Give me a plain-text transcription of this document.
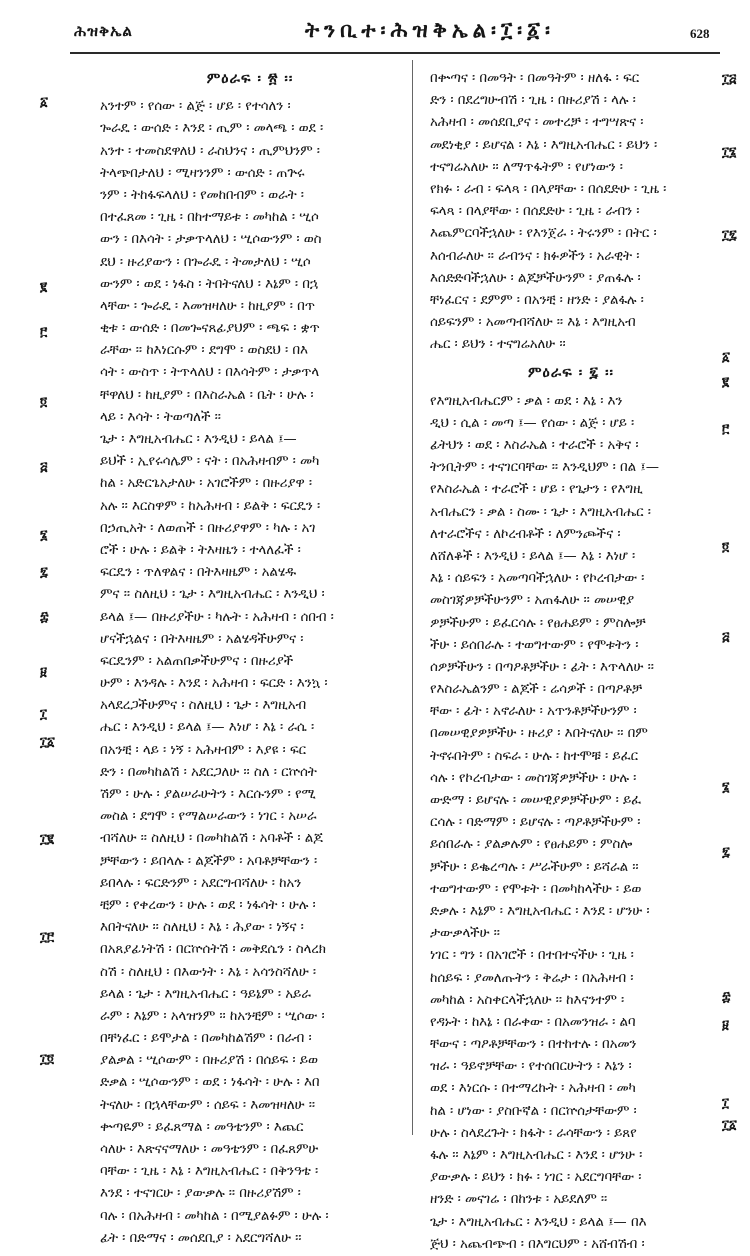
ሕዝቅኤል	ትንቢተ፡ሕዝቅኤል፡፲፡፩፡	628
ምዕራፍ ፡ ፳ ፡፡
አንተም ፡ የሰው ፡ ልጅ ፡ ሆይ ፡ የተሳለን ፡
ጐራዴ ፡ ውሰድ ፡ እንደ ፡ ጢም ፡ መላጫ ፡ ወደ ፡
አንተ ፡ ተመስደዋለህ ፡ ራስህንና ፡ ጢምህንም ፡
ትላጭበታለህ ፡ ሚዛንንም ፡ ውሰድ ፡ ጠጕሩ
ንም ፡ ትከፋፍላለህ ፡ የመከበብም ፡ ወራት ፡
በተፈጸመ ፡ ጊዜ ፡ በከተማይቱ ፡ መካከል ፡ ሢሶ
ውን ፡ በእሳት ፡ ታቃጥላለህ ፡ ሢሶውንም ፡ ወስ
ደህ ፡ ዙሪያውን ፡ በጐራዴ ፡ ትመታለህ ፡ ሢሶ
ውንም ፡ ወደ ፡ ነፋስ ፡ ትበትናለህ ፡ እኔም ፡ በኋ
ላቸው ፡ ጐራዴ ፡ እመዝዛለሁ ፡ ከዚያም ፡ በጥ
ቂቱ ፡ ውሰድ ፡ በመጐናጸፊያህም ፡ ጫፍ ፡ ቋጥ
ራቸው ፡፡ ከእነርሱም ፡ ደግሞ ፡ ወስደህ ፡ በእ
ሳት ፡ ውስጥ ፡ ትጥላለህ ፡ በእሳትም ፡ ታቃጥላ
ቸዋለህ ፡ ከዚያም ፡ በእስራኤል ፡ ቤት ፡ ሁሉ ፡
ላይ ፡ እሳት ፡ ትወጣለች ፡፡
ጌታ ፡ እግዚአብሔር ፡ እንዲህ ፡ ይላል ፤—
ይህች ፡ ኢየሩሳሌም ፡ ናት ፡ በአሕዛብም ፡ መካ
ከል ፡ አድርጌአታለሁ ፡ አገሮችም ፡ በዙሪያዋ ፡
አሉ ፡፡ እርስዋም ፡ ከአሕዛብ ፡ ይልቅ ፡ ፍርዴን ፡
በኃጢአት ፡ ለወጠች ፡ በዙሪያዋም ፡ ካሉ ፡ አገ
ሮች ፡ ሁሉ ፡ ይልቅ ፡ ትእዛዜን ፡ ተላለፈች ፡
ፍርዴን ፡ ጥለዋልና ፡ በትእዛዜም ፡ አልሄዱ
ምና ፡፡ ስለዚህ ፡ ጌታ ፡ እግዚአብሔር ፡ እንዲህ ፡
ይላል ፤— በዙሪያችሁ ፡ ካሉት ፡ አሕዛብ ፡ ሰበብ ፡
ሆናችኋልና ፡ በትእዛዜም ፡ አልሄዳችሁምና ፡
ፍርዴንም ፡ አልጠበቃችሁምና ፡ በዙሪያች
ሁም ፡ እንዳሉ ፡ እንደ ፡ አሕዛብ ፡ ፍርድ ፡ እንኳ ፡
አላደረጋችሁምና ፡ ስለዚህ ፡ ጌታ ፡ እግዚአብ
ሔር ፡ እንዲህ ፡ ይላል ፤— እነሆ ፡ እኔ ፡ ራሴ ፡
በአንቺ ፡ ላይ ፡ ነኝ ፡ አሕዛብም ፡ እያዩ ፡ ፍር
ድን ፡ በመካከልሽ ፡ አደርጋለሁ ፡፡ ስለ ፡ ርኵሰት
ሽም ፡ ሁሉ ፡ ያልሠራሁትን ፡ እርሱንም ፡ የሚ
መስል ፡ ደግሞ ፡ የማልሠራውን ፡ ነገር ፡ አሠራ
ብሻለሁ ፡፡ ስለዚህ ፡ በመካከልሽ ፡ አባቶች ፡ ልጆ
ቻቸውን ፡ ይበላሉ ፡ ልጆችም ፡ አባቶቻቸውን ፡
ይበላሉ ፡ ፍርድንም ፡ አደርግብሻለሁ ፡ ከአን
ቺም ፡ የቀረውን ፡ ሁሉ ፡ ወደ ፡ ነፋሳት ፡ ሁሉ ፡
እበትናለሁ ፡፡ ስለዚህ ፡ እኔ ፡ ሕያው ፡ ነኝና ፡
በአጸያፊነትሽ ፡ በርኵሰትሽ ፡ መቅደሴን ፡ ስላረክ
ስሽ ፡ ስለዚህ ፡ በእውነት ፡ እኔ ፡ አሳንስሻለሁ ፡
ይላል ፡ ጌታ ፡ እግዚአብሔር ፡ ዓይኔም ፡ አይራ
ራም ፡ እኔም ፡ አላዝንም ፡፡ ከአንቺም ፡ ሢሶው ፡
በቸነፈር ፡ ይሞታል ፡ በመካከልሽም ፡ በራብ ፡
ያልቃል ፡ ሢሶውም ፡ በዙሪያሽ ፡ በሰይፍ ፡ ይወ
ድቃል ፡ ሢሶውንም ፡ ወደ ፡ ነፋሳት ፡ ሁሉ ፡ እበ
ትናለሁ ፡ በኋላቸውም ፡ ሰይፍ ፡ እመዝዛለሁ ፡፡
ቍጣዬም ፡ ይፈጸማል ፡ መዓቴንም ፡ እጨር
ሳለሁ ፡ እጽናናማለሁ ፡ መዓቴንም ፡ በፈጸምሁ
ባቸው ፡ ጊዜ ፡ እኔ ፡ እግዚአብሔር ፡ በቅንዓቴ ፡
እንደ ፡ ተናገርሁ ፡ ያውቃሉ ፡፡ በዙሪያሽም ፡
ባሉ ፡ በአሕዛብ ፡ መካከል ፡ በሚያልፉም ፡ ሁሉ ፡
ፊት ፡ በድማና ፡ መሰደቢያ ፡ አደርግሻለሁ ፡፡
በቍጣና ፡ በመዓት ፡ በመዓትም ፡ ዘለፋ ፡ ፍር
ድን ፡ በደረግሁብሽ ፡ ጊዜ ፡ በዙሪያሽ ፡ ላሉ ፡
አሕዛብ ፡ መሰደቢያና ፡ መተረቻ ፡ ተግሣጽና ፡
መደነቂያ ፡ ይሆናል ፡ እኔ ፡ እግዚአብሔር ፡ ይህን ፡
ተናግሬአለሁ ፡፡ ለማጥፋትም ፡ የሆነውን ፡
የክፉ ፡ ራብ ፡ ፍላጻ ፡ በላያቸው ፡ በሰደድሁ ፡ ጊዜ ፡
ፍላጻ ፡ በላያቸው ፡ በሰደድሁ ፡ ጊዜ ፡ ራብን ፡
እጨምርባችኋለሁ ፡ የእንጀራ ፡ ትሩንም ፡ በትር ፡
እሰብራለሁ ፡፡ ራብንና ፡ ክፉዎችን ፡ አራዊት ፡
እሰድድባችኋለሁ ፡ ልጆቻችሁንም ፡ ያጠፋሉ ፡
ቸነፈርና ፡ ደምም ፡ በአንቺ ፡ ዘንድ ፡ ያልፋሉ ፡
ሰይፍንም ፡ አመጣብሻለሁ ፡፡ እኔ ፡ እግዚአብ
ሔር ፡ ይህን ፡ ተናግሬአለሁ ፡፡
ምዕራፍ ፡ ፯ ፡፡
የእግዚአብሔርም ፡ ቃል ፡ ወደ ፡ እኔ ፡ እን
ዲህ ፡ ሲል ፡ መጣ ፤— የሰው ፡ ልጅ ፡ ሆይ ፡
ፊትህን ፡ ወደ ፡ እስራኤል ፡ ተራሮች ፡ አቅና ፡
ትንቢትም ፡ ተናገርባቸው ፡፡ እንዲህም ፡ በል ፤—
የእስራኤል ፡ ተራሮች ፡ ሆይ ፡ የጌታን ፡ የእግዚ
አብሔርን ፡ ቃል ፡ ስሙ ፡ ጌታ ፡ እግዚአብሔር ፡
ለተራሮችና ፡ ለኮረብቶች ፡ ለምንጮችና ፡
ለሸለቆች ፡ እንዲህ ፡ ይላል ፤— እኔ ፡ እነሆ ፡
እኔ ፡ ሰይፍን ፡ አመጣባችኋለሁ ፡ የኮረብታው ፡
መስገጃዎቻችሁንም ፡ አጠፋለሁ ፡፡ መሠዊያ
ዎቻችሁም ፡ ይፈርሳሉ ፡ የፀሐይም ፡ ምስሎቻ
ችሁ ፡ ይሰበራሉ ፡ ተወግተውም ፡ የሞቱትን ፡
ሰዎቻችሁን ፡ በጣዖቶቻችሁ ፡ ፊት ፡ እጥላለሁ ፡፡
የእስራኤልንም ፡ ልጆች ፡ ሬሳዎች ፡ በጣዖቶቻ
ቸው ፡ ፊት ፡ አኖራለሁ ፡ አጥንቶቻችሁንም ፡
በመሠዊያዎቻችሁ ፡ ዙሪያ ፡ እበትናለሁ ፡፡ በም
ትኖሩበትም ፡ ስፍራ ፡ ሁሉ ፡ ከተሞቹ ፡ ይፈር
ሳሉ ፡ የኮረብታው ፡ መስገጃዎቻችሁ ፡ ሁሉ ፡
ውድማ ፡ ይሆናሉ ፡ መሠዊያዎቻችሁም ፡ ይፈ
ርሳሉ ፡ ባድማም ፡ ይሆናሉ ፡ ጣዖቶቻችሁም ፡
ይሰበራሉ ፡ ያልቃሉም ፡ የፀሐይም ፡ ምስሎ
ቻችሁ ፡ ይቈረጣሉ ፡ ሥራችሁም ፡ ይሻራል ፡፡
ተወግተውም ፡ የሞቱት ፡ በመካከላችሁ ፡ ይወ
ድቃሉ ፡ እኔም ፡ እግዚአብሔር ፡ እንደ ፡ ሆንሁ ፡
ታውቃላችሁ ፡፡
ነገር ፡ ግን ፡ በአገሮች ፡ በተበተናችሁ ፡ ጊዜ ፡
ከሰይፍ ፡ ያመለጡትን ፡ ቅሬታ ፡ በአሕዛብ ፡
መካከል ፡ አስቀርላችኋለሁ ፡፡ ከእናንተም ፡
የዳኑት ፡ ከእኔ ፡ በራቀው ፡ በአመንዝራ ፡ ልባ
ቸውና ፡ ጣዖቶቻቸውን ፡ በተከተሉ ፡ በአመን
ዝራ ፡ ዓይኖቻቸው ፡ የተሰበርሁትን ፡ እኔን ፡
ወደ ፡ እነርሱ ፡ በተማረኩት ፡ አሕዛብ ፡ መካ
ከል ፡ ሆነው ፡ ያስቡኛል ፡ በርኵሰታቸውም ፡
ሁሉ ፡ ስላደረጉት ፡ ክፋት ፡ ራሳቸውን ፡ ይጸየ
ፋሉ ፡፡ እኔም ፡ እግዚአብሔር ፡ እንደ ፡ ሆንሁ ፡
ያውቃሉ ፡ ይህን ፡ ክፉ ፡ ነገር ፡ አደርግባቸው ፡
ዘንድ ፡ መናገሬ ፡ በከንቱ ፡ አይደለም ፡፡
ጌታ ፡ እግዚአብሔር ፡ እንዲህ ፡ ይላል ፤— በእ
ጅህ ፡ አጨብጭብ ፡ በእግርህም ፡ አሸብሽብ ፡
፩
፪
፫
፬
፭
፮
፯
፰
፱
፲
፲፩
፲፪
፲፫
፲፬
፲፭
፲፮
፲፯
፩
፪
፫
፬
፭
፮
፯
፰
፱
፲
፲፩
